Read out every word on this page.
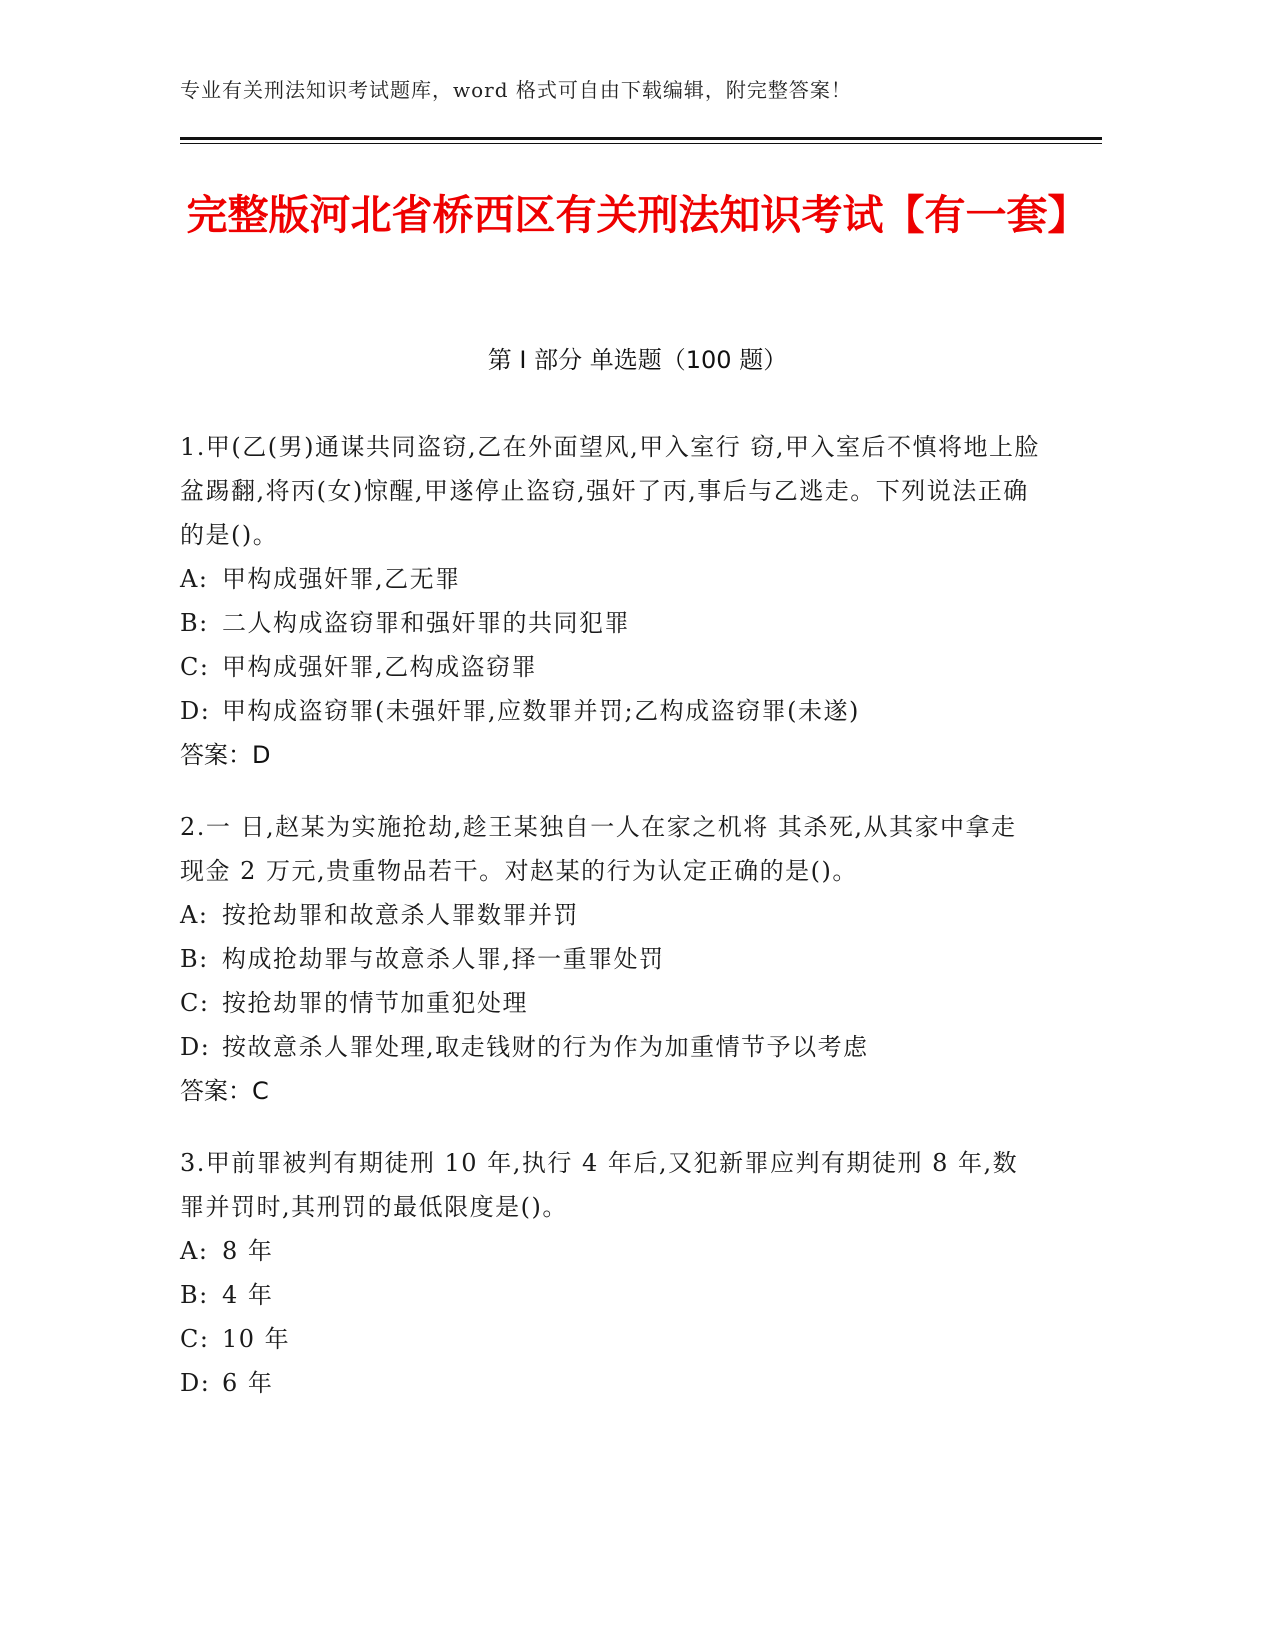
专业有关刑法知识考试题库，word 格式可自由下载编辑，附完整答案！
完整版河北省桥西区有关刑法知识考试【有一套】
第 I 部分 单选题（100 题）
1.甲(乙(男)通谋共同盗窃,乙在外面望风,甲入室行 窃,甲入室后不慎将地上脸盆踢翻,将丙(女)惊醒,甲遂停止盗窃,强奸了丙,事后与乙逃走。下列说法正确的是()。
A: 甲构成强奸罪,乙无罪
B: 二人构成盗窃罪和强奸罪的共同犯罪
C: 甲构成强奸罪,乙构成盗窃罪
D: 甲构成盗窃罪(未强奸罪,应数罪并罚;乙构成盗窃罪(未遂)
答案：D
2.一 日,赵某为实施抢劫,趁王某独自一人在家之机将 其杀死,从其家中拿走现金 2 万元,贵重物品若干。对赵某的行为认定正确的是()。
A: 按抢劫罪和故意杀人罪数罪并罚
B: 构成抢劫罪与故意杀人罪,择一重罪处罚
C: 按抢劫罪的情节加重犯处理
D: 按故意杀人罪处理,取走钱财的行为作为加重情节予以考虑
答案：C
3.甲前罪被判有期徒刑 10 年,执行 4 年后,又犯新罪应判有期徒刑 8 年,数罪并罚时,其刑罚的最低限度是()。
A: 8 年
B: 4 年
C: 10 年
D: 6 年
